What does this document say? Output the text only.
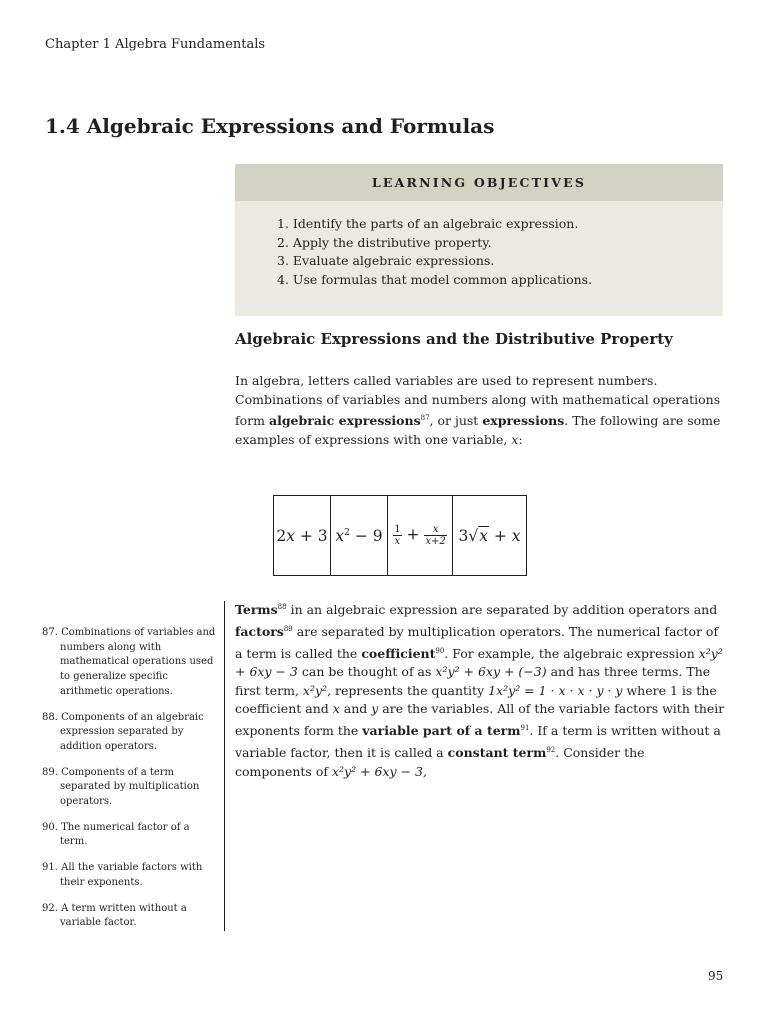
Chapter 1 Algebra Fundamentals
1.4 Algebraic Expressions and Formulas
LEARNING OBJECTIVES
1. Identify the parts of an algebraic expression.
2. Apply the distributive property.
3. Evaluate algebraic expressions.
4. Use formulas that model common applications.
Algebraic Expressions and the Distributive Property
In algebra, letters called variables are used to represent numbers. Combinations of variables and numbers along with mathematical operations form algebraic expressions$^{87}$, or just expressions. The following are some examples of expressions with one variable, x:
2x + 3	$x^2 - 9$	$\frac{1}{x} + \frac{x}{x+2}$	3√x + x
Terms$^{88}$ in an algebraic expression are separated by addition operators and factors$^{89}$ are separated by multiplication operators. The numerical factor of a term is called the coefficient$^{90}$. For example, the algebraic expression x²y² + 6xy − 3 can be thought of as x²y² + 6xy + (−3) and has three terms. The first term, x²y², represents the quantity 1x²y² = 1 · x · x · y · y where 1 is the coefficient and x and y are the variables. All of the variable factors with their exponents form the variable part of a term$^{91}$. If a term is written without a variable factor, then it is called a constant term$^{92}$. Consider the components of x²y² + 6xy − 3,
87. Combinations of variables and numbers along with mathematical operations used to generalize specific arithmetic operations.
88. Components of an algebraic expression separated by addition operators.
89. Components of a term separated by multiplication operators.
90. The numerical factor of a term.
91. All the variable factors with their exponents.
92. A term written without a variable factor.
95
